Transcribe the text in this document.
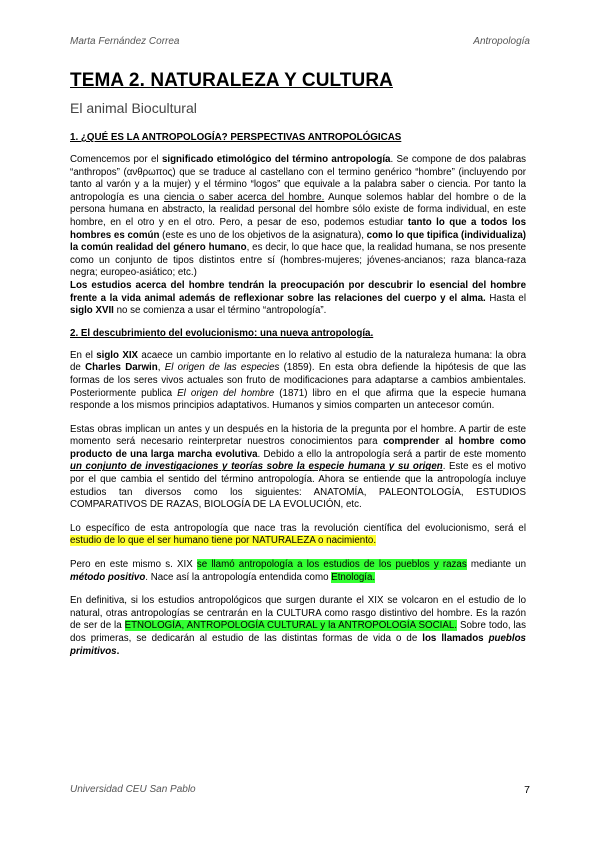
Marta Fernández Correa	Antropología
TEMA 2. NATURALEZA Y CULTURA
El animal Biocultural
1. ¿QUÉ ES LA ANTROPOLOGÍA? PERSPECTIVAS ANTROPOLÓGICAS

Comencemos por el significado etimológico del término antropología. Se compone de dos palabras “anthropos” (ανθρωπος) que se traduce al castellano con el termino genérico “hombre” (incluyendo por tanto al varón y a la mujer) y el término “logos” que equivale a la palabra saber o ciencia. Por tanto la antropología es una ciencia o saber acerca del hombre. Aunque solemos hablar del hombre o de la persona humana en abstracto, la realidad personal del hombre sólo existe de forma individual, en este hombre, en el otro y en el otro. Pero, a pesar de eso, podemos estudiar tanto lo que a todos los hombres es común (este es uno de los objetivos de la asignatura), como lo que tipifica (individualiza) la común realidad del género humano, es decir, lo que hace que, la realidad humana, se nos presente como un conjunto de tipos distintos entre sí (hombres-mujeres; jóvenes-ancianos; raza blanca-raza negra; europeo-asiático; etc.)

Los estudios acerca del hombre tendrán la preocupación por descubrir lo esencial del hombre frente a la vida animal además de reflexionar sobre las relaciones del cuerpo y el alma. Hasta el siglo XVII no se comienza a usar el término “antropología”.

2. El descubrimiento del evolucionismo: una nueva antropología.

En el siglo XIX acaece un cambio importante en lo relativo al estudio de la naturaleza humana: la obra de Charles Darwin, El origen de las especies (1859). En esta obra defiende la hipótesis de que las formas de los seres vivos actuales son fruto de modificaciones para adaptarse a cambios ambientales. Posteriormente publica El origen del hombre (1871) libro en el que afirma que la especie humana responde a los mismos principios adaptativos. Humanos y simios comparten un antecesor común.

Estas obras implican un antes y un después en la historia de la pregunta por el hombre. A partir de este momento será necesario reinterpretar nuestros conocimientos para comprender al hombre como producto de una larga marcha evolutiva. Debido a ello la antropología será a partir de este momento un conjunto de investigaciones y teorías sobre la especie humana y su origen. Este es el motivo por el que cambia el sentido del término antropología. Ahora se entiende que la antropología incluye estudios tan diversos como los siguientes: ANATOMÍA, PALEONTOLOGÍA, ESTUDIOS COMPARATIVOS DE RAZAS, BIOLOGÍA DE LA EVOLUCIÓN, etc.

Lo específico de esta antropología que nace tras la revolución científica del evolucionismo, será el estudio de lo que el ser humano tiene por NATURALEZA o nacimiento.

Pero en este mismo s. XIX se llamó antropología a los estudios de los pueblos y razas mediante un método positivo. Nace así la antropología entendida como Etnología.

En definitiva, si los estudios antropológicos que surgen durante el XIX se volcaron en el estudio de lo natural, otras antropologías se centrarán en la CULTURA como rasgo distintivo del hombre. Es la razón de ser de la ETNOLOGÍA, ANTROPOLOGÍA CULTURAL y la ANTROPOLOGÍA SOCIAL. Sobre todo, las dos primeras, se dedicarán al estudio de las distintas formas de vida o de los llamados pueblos primitivos.

Universidad CEU San Pablo	7
